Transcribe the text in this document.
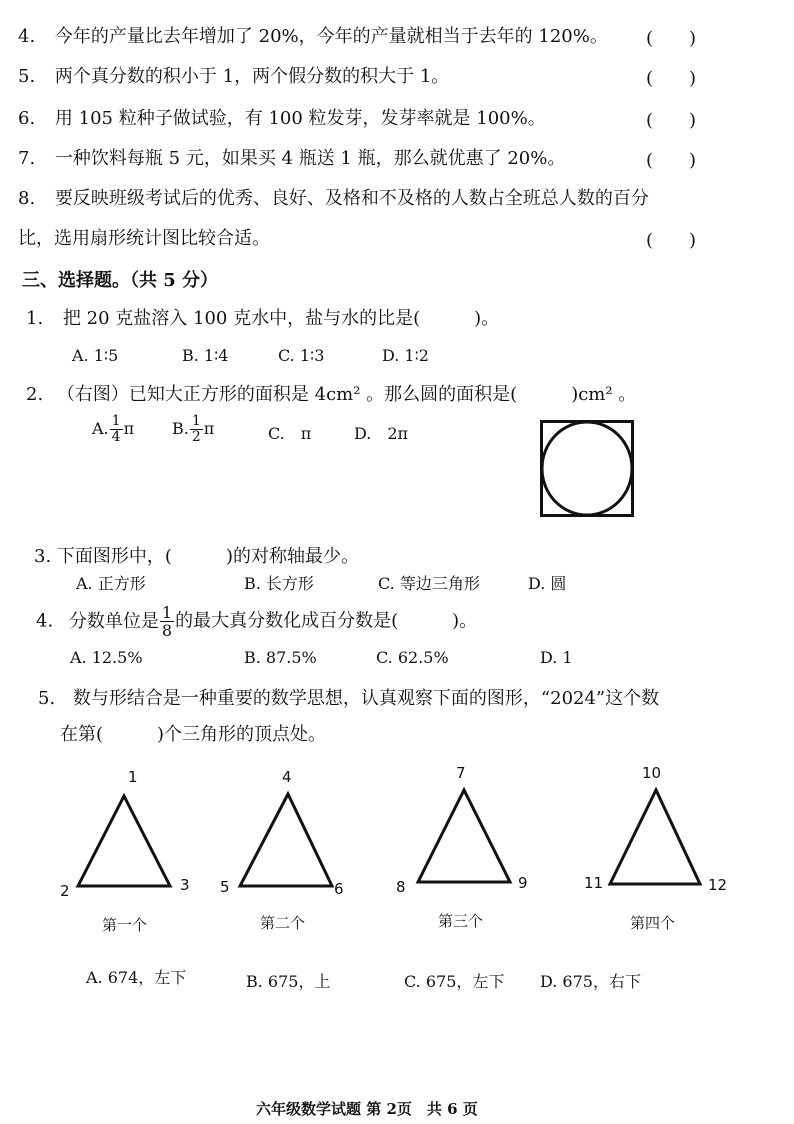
4. 今年的产量比去年增加了 20%，今年的产量就相当于去年的 120%。 (　　)
5. 两个真分数的积小于 1，两个假分数的积大于 1。	(　　)
6. 用 105 粒种子做试验，有 100 粒发芽，发芽率就是 100%。	(　　)
7. 一种饮料每瓶 5 元，如果买 4 瓶送 1 瓶，那么就优惠了 20%。	(　　)
8. 要反映班级考试后的优秀、良好、及格和不及格的人数占全班总人数的百分
比，选用扇形统计图比较合适。	(　　)
三、选择题。（共 5 分）
1. 把 20 克盐溶入 100 克水中，盐与水的比是(　　　)。
A. 1∶5	B. 1∶4	C. 1∶3	D. 1∶2
2. （右图）已知大正方形的面积是 4cm² 。那么圆的面积是(　　　)cm² 。
A. $\frac{1}{4}$ π B. $\frac{1}{2}$ π	C.　π	D.　2π
3. 下面图形中，(　　　)的对称轴最少。
A. 正方形	B. 长方形	C. 等边三角形	D. 圆
4. 分数单位是 $\frac{1}{8}$ 的最大真分数化成百分数是(　　　)。
A. 12.5%	B. 87.5%	C. 62.5%	D. 1
5. 数与形结合是一种重要的数学思想，认真观察下面的图形，“2024”这个数
在第(　　　)个三角形的顶点处。
1
2	3
第一个
4
5	6
第二个
7
8	9
第三个
10
11	12
第四个
A. 674，左下	B. 675，上	C. 675，左下 D. 675，右下
六年级数学试题 第 2页　共 6 页
